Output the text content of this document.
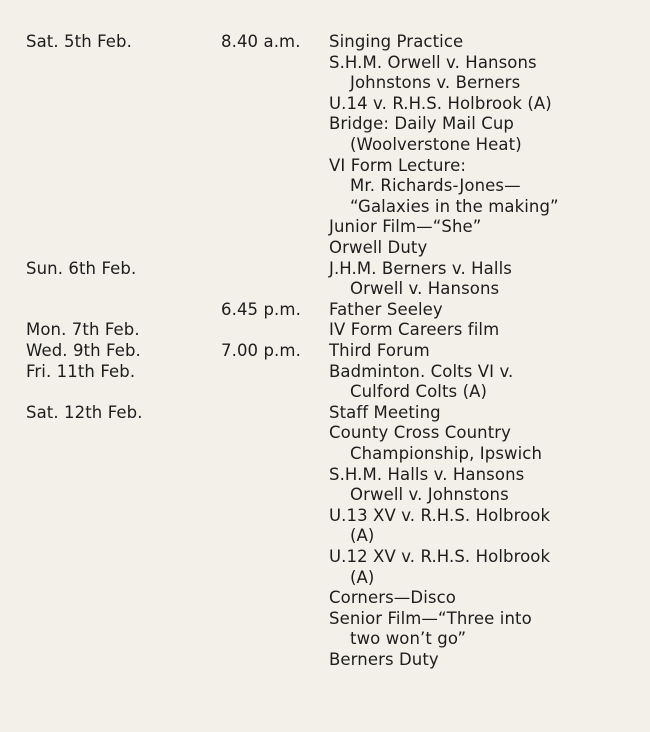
Sat. 5th Feb.	8.40 a.m. Singing Practice
S.H.M. Orwell v. Hansons
Johnstons v. Berners
U.14 v. R.H.S. Holbrook (A)
Bridge: Daily Mail Cup
(Woolverstone Heat)
VI Form Lecture:
Mr. Richards-Jones—
“Galaxies in the making”
Junior Film—“She”
Orwell Duty
Sun. 6th Feb.	J.H.M. Berners v. Halls
Orwell v. Hansons
6.45 p.m. Father Seeley
Mon. 7th Feb.	IV Form Careers film
Wed. 9th Feb.	7.00 p.m. Third Forum
Fri. 11th Feb.	Badminton. Colts VI v.
Culford Colts (A)
Sat. 12th Feb.	Staff Meeting
County Cross Country
Championship, Ipswich
S.H.M. Halls v. Hansons
Orwell v. Johnstons
U.13 XV v. R.H.S. Holbrook
(A)
U.12 XV v. R.H.S. Holbrook
(A)
Corners—Disco
Senior Film—“Three into
two won’t go”
Berners Duty
